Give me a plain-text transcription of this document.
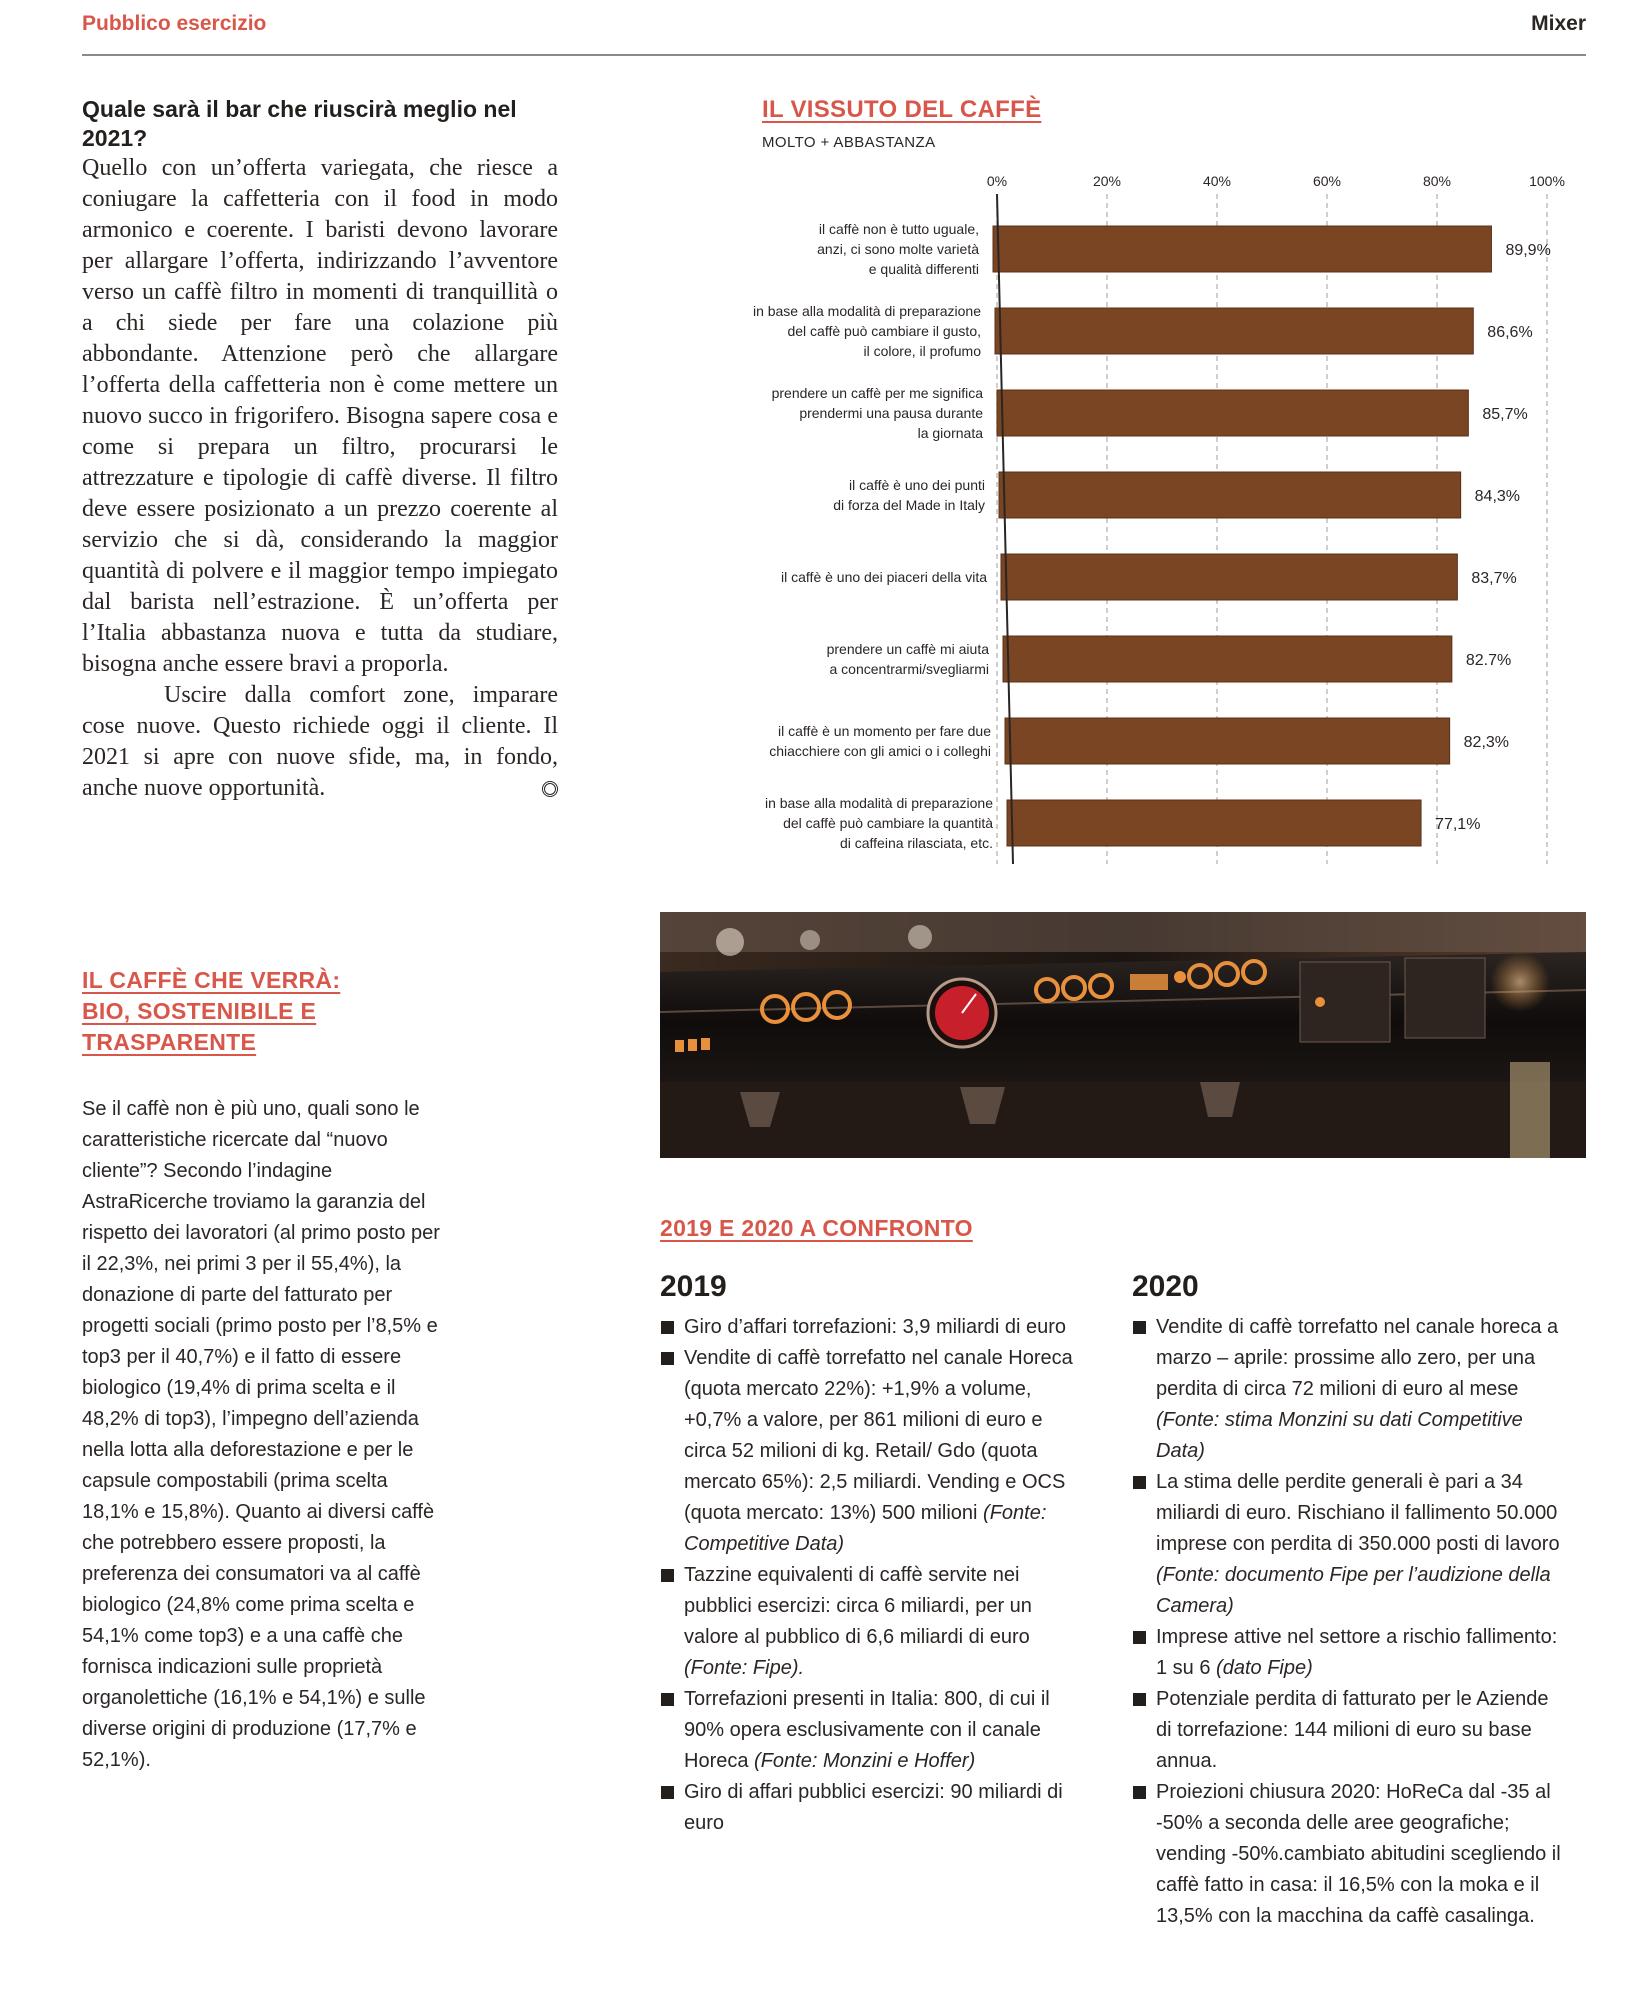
Pubblico esercizio	Mixer
Quale sarà il bar che riuscirà meglio nel 2021?

Quello con un’offerta variegata, che riesce a coniugare la caffetteria con il food in modo armonico e coerente. I baristi devono lavorare per allargare l’offerta, indirizzando l’avventore verso un caffè filtro in momenti di tranquillità o a chi siede per fare una colazione più abbondante. Attenzione però che allargare l’offerta della caffetteria non è come mettere un nuovo succo in frigorifero. Bisogna sapere cosa e come si prepara un filtro, procurarsi le attrezzature e tipologie di caffè diverse. Il filtro deve essere posizionato a un prezzo coerente al servizio che si dà, considerando la maggior quantità di polvere e il maggior tempo impiegato dal barista nell’estrazione. È un’offerta per l’Italia abbastanza nuova e tutta da studiare, bisogna anche essere bravi a proporla.

Uscire dalla comfort zone, imparare cose nuove. Questo richiede oggi il cliente. Il 2021 si apre con nuove sfide, ma, in fondo, anche nuove opportunità.

IL VISSUTO DEL CAFFÈ
MOLTO + ABBASTANZA
0%	20%	40%	60%	80%	100%
89,9%
il caffè non è tutto uguale,
anzi, ci sono molte varietà
e qualità differenti
86,6%
in base alla modalità di preparazione
del caffè può cambiare il gusto,
il colore, il profumo
85,7%
prendere un caffè per me significa
prendermi una pausa durante
la giornata
84,3%
il caffè è uno dei punti
di forza del Made in Italy
83,7%
il caffè è uno dei piaceri della vita
82.7%
prendere un caffè mi aiuta
a concentrarmi/svegliarmi
82,3%
il caffè è un momento per fare due
chiacchiere con gli amici o i colleghi
77,1%
in base alla modalità di preparazione
del caffè può cambiare la quantità
di caffeina rilasciata, etc.
IL CAFFÈ CHE VERRÀ:
BIO, SOSTENIBILE E
TRASPARENTE
Se il caffè non è più uno, quali sono le caratteristiche ricercate dal “nuovo cliente”? Secondo l’indagine AstraRicerche troviamo la garanzia del rispetto dei lavoratori (al primo posto per il 22,3%, nei primi 3 per il 55,4%), la donazione di parte del fatturato per progetti sociali (primo posto per l’8,5% e top3 per il 40,7%) e il fatto di essere biologico (19,4% di prima scelta e il 48,2% di top3), l’impegno dell’azienda nella lotta alla deforestazione e per le capsule compostabili (prima scelta 18,1% e 15,8%). Quanto ai diversi caffè che potrebbero essere proposti, la preferenza dei consumatori va al caffè biologico (24,8% come prima scelta e 54,1% come top3) e a una caffè che fornisca indicazioni sulle proprietà organolettiche (16,1% e 54,1%) e sulle diverse origini di produzione (17,7% e 52,1%).
2019 E 2020 A CONFRONTO
2019
Giro d’affari torrefazioni: 3,9 miliardi di euro
Vendite di caffè torrefatto nel canale Horeca (quota mercato 22%): +1,9% a volume, +0,7% a valore, per 861 milioni di euro e circa 52 milioni di kg. Retail/ Gdo (quota mercato 65%): 2,5 miliardi. Vending e OCS (quota mercato: 13%) 500 milioni (Fonte: Competitive Data)
Tazzine equivalenti di caffè servite nei pubblici esercizi: circa 6 miliardi, per un valore al pubblico di 6,6 miliardi di euro (Fonte: Fipe).
Torrefazioni presenti in Italia: 800, di cui il 90% opera esclusivamente con il canale Horeca (Fonte: Monzini e Hoffer)
Giro di affari pubblici esercizi: 90 miliardi di euro
2020
Vendite di caffè torrefatto nel canale horeca a marzo – aprile: prossime allo zero, per una perdita di circa 72 milioni di euro al mese (Fonte: stima Monzini su dati Competitive Data)
La stima delle perdite generali è pari a 34 miliardi di euro. Rischiano il fallimento 50.000 imprese con perdita di 350.000 posti di lavoro (Fonte: documento Fipe per l’audizione della Camera)
Imprese attive nel settore a rischio fallimento: 1 su 6 (dato Fipe)
Potenziale perdita di fatturato per le Aziende di torrefazione: 144 milioni di euro su base annua.
Proiezioni chiusura 2020: HoReCa dal -35 al -50% a seconda delle aree geografiche; vending -50%.cambiato abitudini scegliendo il caffè fatto in casa: il 16,5% con la moka e il 13,5% con la macchina da caffè casalinga.
